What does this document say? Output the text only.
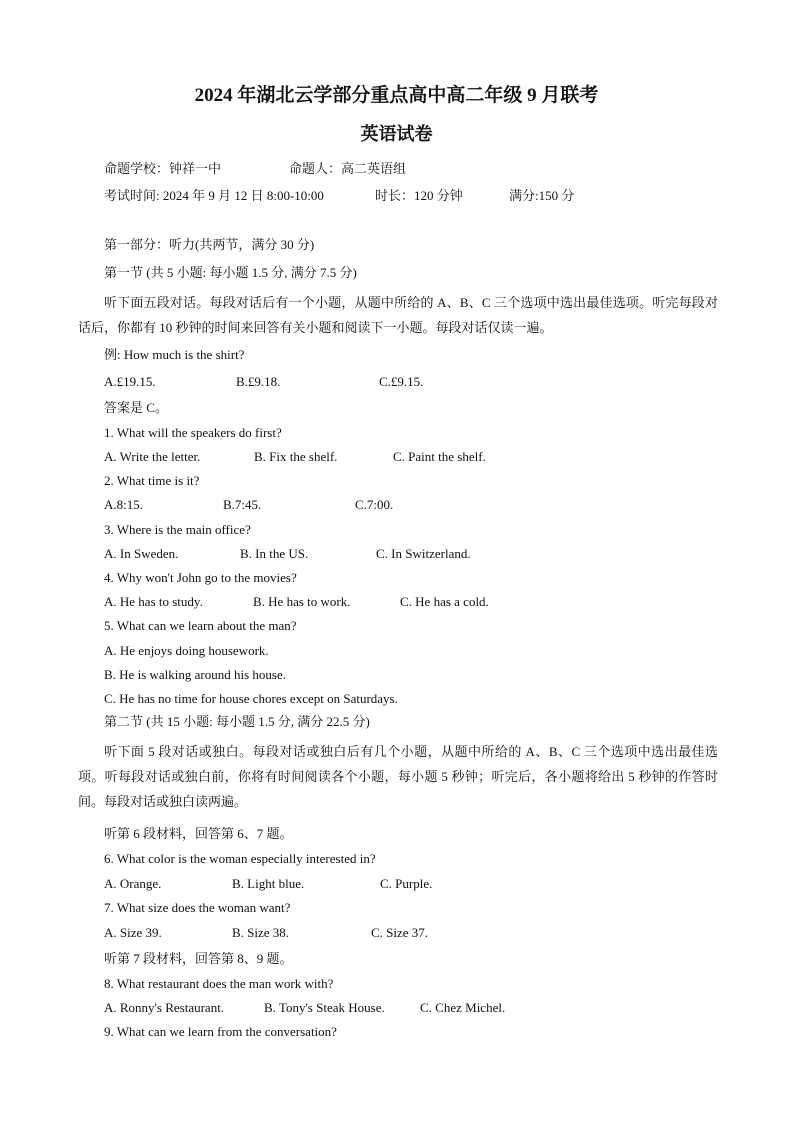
2024 年湖北云学部分重点高中高二年级 9 月联考
英语试卷
命题学校：钟祥一中	命题人：高二英语组
考试时间: 2024 年 9 月 12 日 8:00-10:00	时长：120 分钟	满分:150 分
第一部分：听力(共两节，满分 30 分)
第一节 (共 5 小题: 每小题 1.5 分, 满分 7.5 分)
听下面五段对话。每段对话后有一个小题，从题中所给的 A、B、C 三个选项中选出最佳选项。听完每段对话后，你都有 10 秒钟的时间来回答有关小题和阅读下一小题。每段对话仅读一遍。
例: How much is the shirt?
A.£19.15.	B.£9.18.	C.£9.15.
答案是 C。
1. What will the speakers do first?
A. Write the letter.	B. Fix the shelf.	C. Paint the shelf.
2. What time is it?
A.8:15.	B.7:45.	C.7:00.
3. Where is the main office?
A. In Sweden.	B. In the US.	C. In Switzerland.
4. Why won't John go to the movies?
A. He has to study.	B. He has to work.	C. He has a cold.
5. What can we learn about the man?
A. He enjoys doing housework.
B. He is walking around his house.
C. He has no time for house chores except on Saturdays.
第二节 (共 15 小题: 每小题 1.5 分, 满分 22.5 分)
听下面 5 段对话或独白。每段对话或独白后有几个小题，从题中所给的 A、B、C 三个选项中选出最佳选项。听每段对话或独白前，你将有时间阅读各个小题，每小题 5 秒钟；听完后，各小题将给出 5 秒钟的作答时间。每段对话或独白读两遍。
听第 6 段材料，回答第 6、7 题。
6. What color is the woman especially interested in?
A. Orange.	B. Light blue.	C. Purple.
7. What size does the woman want?
A. Size 39.	B. Size 38.	C. Size 37.
听第 7 段材料，回答第 8、9 题。
8. What restaurant does the man work with?
A. Ronny's Restaurant.	B. Tony's Steak House.	C. Chez Michel.
9. What can we learn from the conversation?
